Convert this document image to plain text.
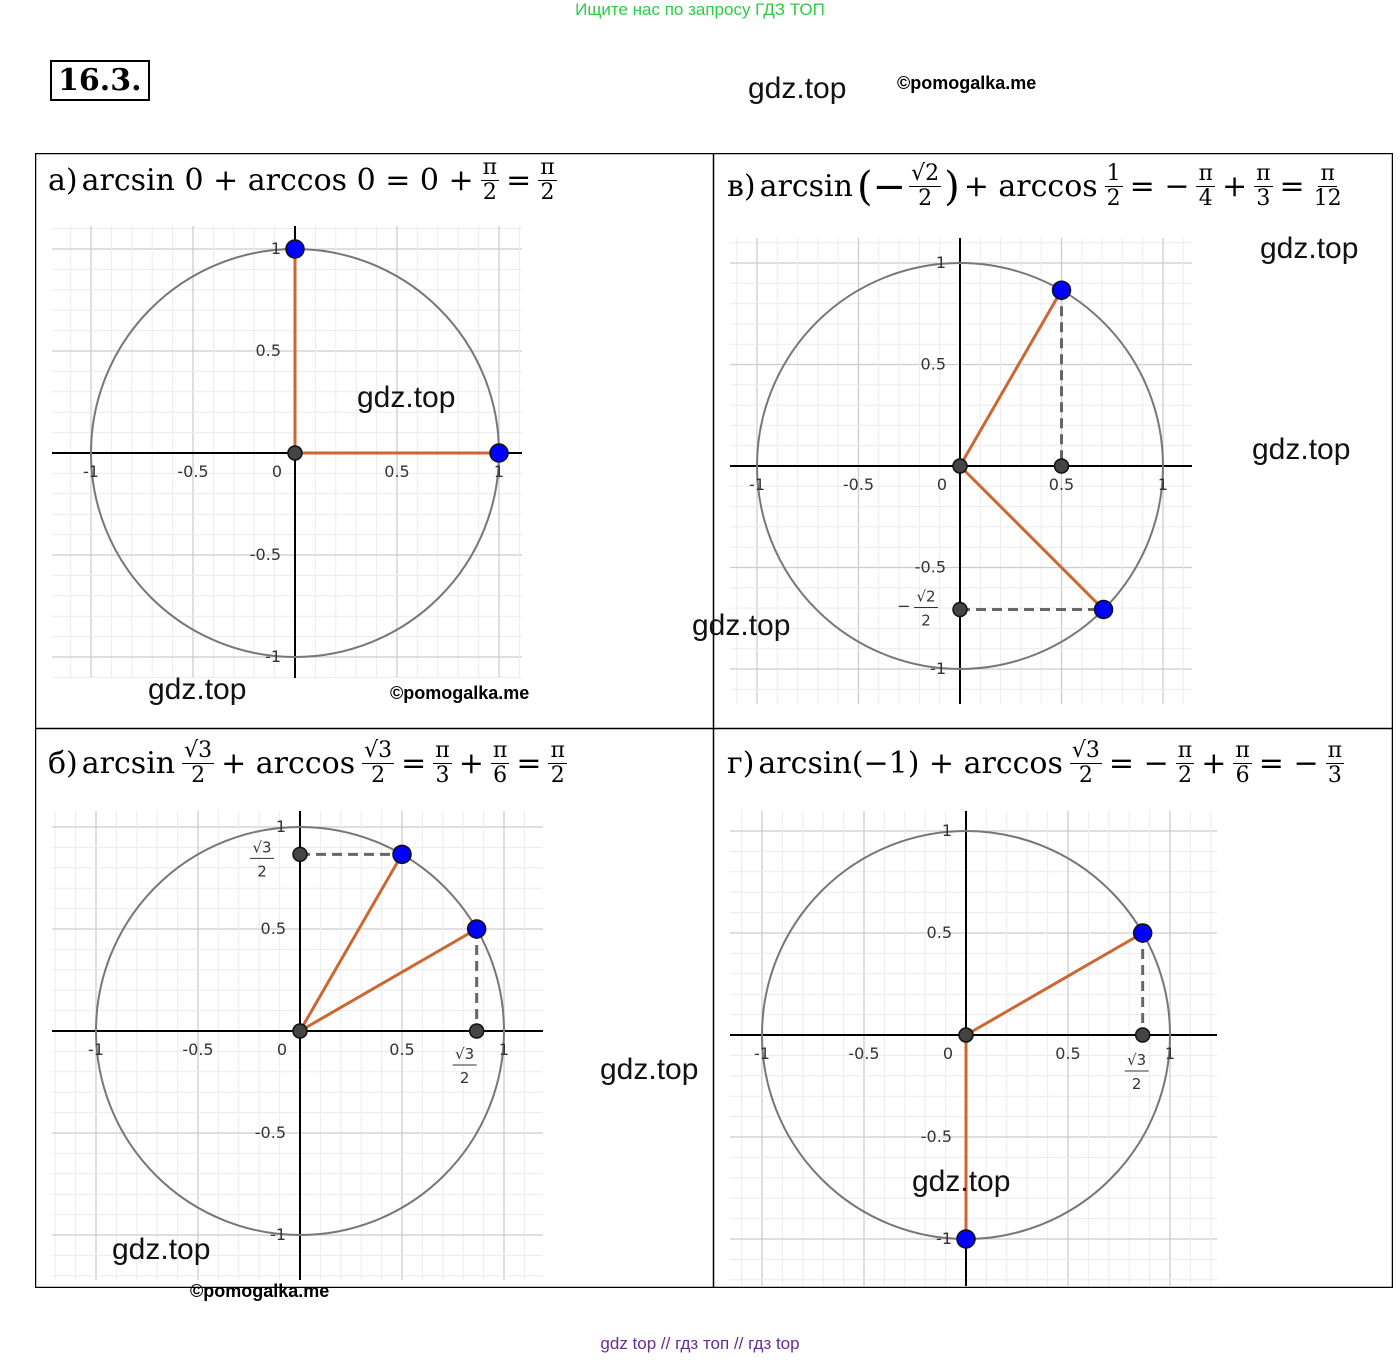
Ищите нас по запросу ГДЗ ТОП
16.3.	gdz.top	©pomogalka.me
а) $\arcsin 0 + \arccos 0 = 0 + \frac{\pi}{2} = \frac{\pi}{2}$	в) arcsin (− $\frac{√2}{2}$ ) + $\arccos \frac{1}{2}$ = − $\frac{\pi}{4} + \frac{\pi}{3} = \frac{\pi}{12}$
б) $\arcsin \frac{√3}{2} + \arccos \frac{√3}{2} = \frac{\pi}{3} + \frac{\pi}{6} = \frac{\pi}{2}$	г) $\arcsin(-1) + \arccos \frac{√3}{2}$ = − $\frac{\pi}{2} + \frac{\pi}{6}$ = − $\frac{\pi}{3}$
-1	-0.5	0	0.5	1
1
0.5
-0.5
-1
-1	-0.5	0	0.5	1
1
0.5
-0.5
-1
− √2
2
-1	-0.5	0	0.5	1
1
0.5
-0.5
-1
√3
2
√3
2
-1	-0.5	0	0.5	1
1
0.5
-0.5
-1
√3
2
gdz.top
gdz.top	©pomogalka.me
gdz.top
gdz.top
gdz.top
gdz.top
gdz.top
©pomogalka.me
gdz.top
gdz top // гдз топ // гдз top
